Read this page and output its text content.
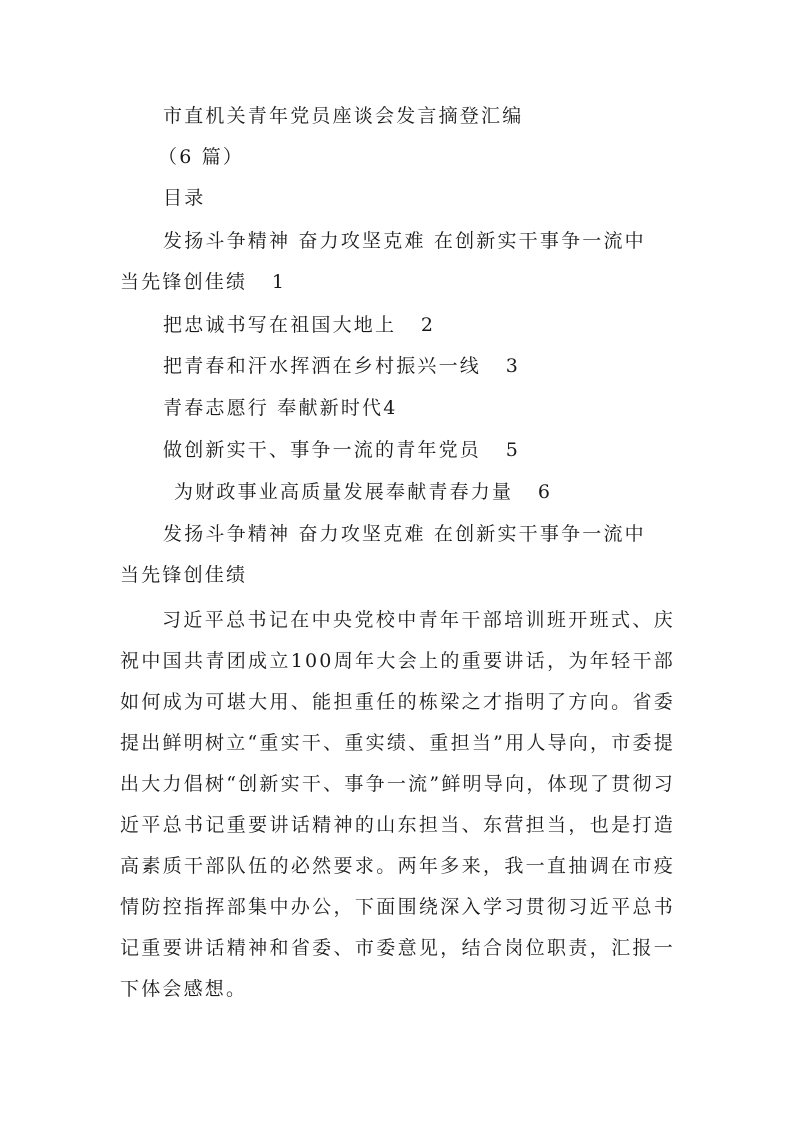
市直机关青年党员座谈会发言摘登汇编
（6 篇）
目录
发扬斗争精神 奋力攻坚克难 在创新实干事争一流中
当先锋创佳绩 1
把忠诚书写在祖国大地上 2
把青春和汗水挥洒在乡村振兴一线 3
青春志愿行 奉献新时代4
做创新实干、事争一流的青年党员 5
为财政事业高质量发展奉献青春力量 6
发扬斗争精神 奋力攻坚克难 在创新实干事争一流中
当先锋创佳绩
习近平总书记在中央党校中青年干部培训班开班式、庆祝中国共青团成立100周年大会上的重要讲话，为年轻干部如何成为可堪大用、能担重任的栋梁之才指明了方向。省委提出鲜明树立“重实干、重实绩、重担当”用人导向，市委提出大力倡树“创新实干、事争一流”鲜明导向，体现了贯彻习近平总书记重要讲话精神的山东担当、东营担当，也是打造高素质干部队伍的必然要求。两年多来，我一直抽调在市疫情防控指挥部集中办公，下面围绕深入学习贯彻习近平总书记重要讲话精神和省委、市委意见，结合岗位职责，汇报一下体会感想。
